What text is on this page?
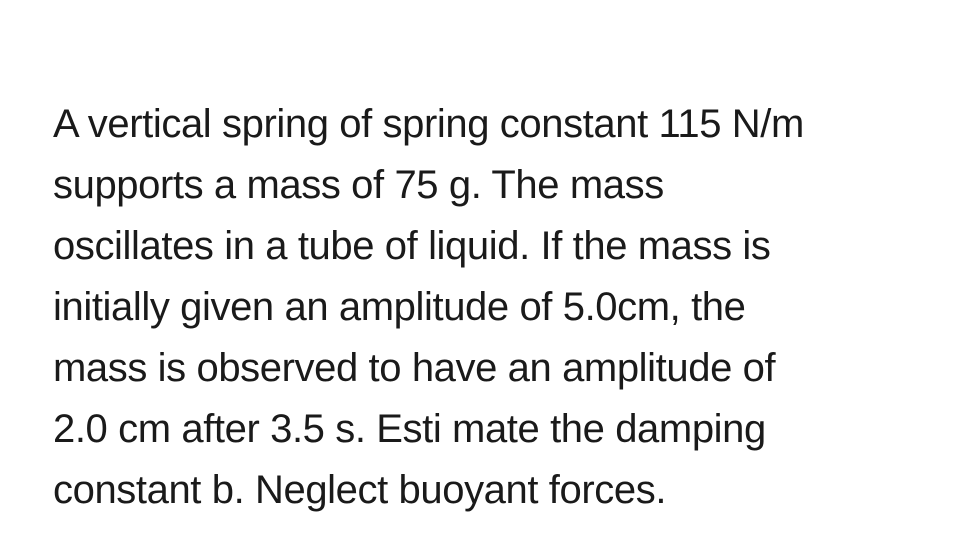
A vertical spring of spring constant 115 N/m
supports a mass of 75 g. The mass
oscillates in a tube of liquid. If the mass is
initially given an amplitude of 5.0cm, the
mass is observed to have an amplitude of
2.0 cm after 3.5 s. Esti mate the damping
constant b. Neglect buoyant forces.
